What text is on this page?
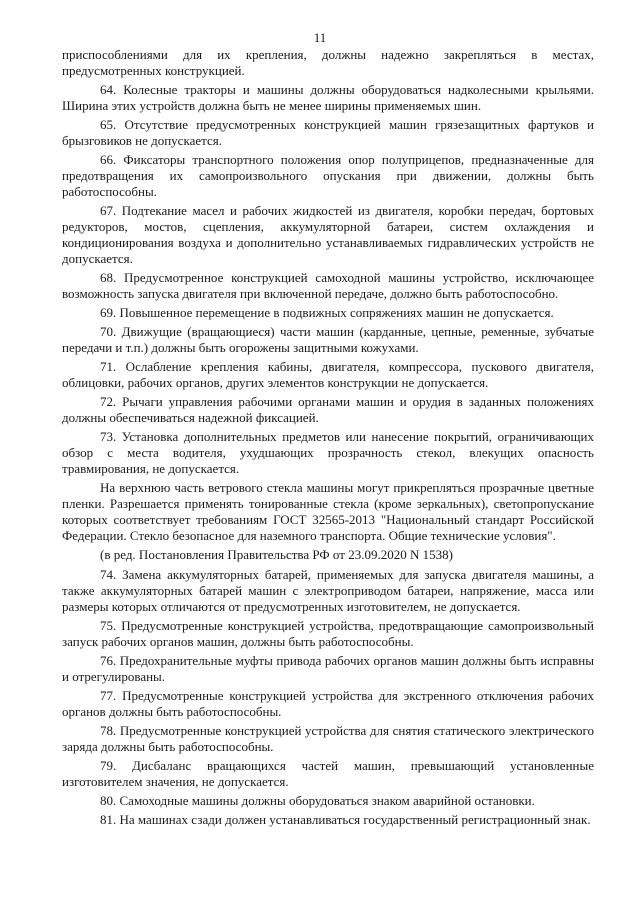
11

приспособлениями для их крепления, должны надежно закрепляться в местах, предусмотренных конструкцией.

64. Колесные тракторы и машины должны оборудоваться надколесными крыльями. Ширина этих устройств должна быть не менее ширины применяемых шин.

65. Отсутствие предусмотренных конструкцией машин грязезащитных фартуков и брызговиков не допускается.

66. Фиксаторы транспортного положения опор полуприцепов, предназначенные для предотвращения их самопроизвольного опускания при движении, должны быть работоспособны.

67. Подтекание масел и рабочих жидкостей из двигателя, коробки передач, бортовых редукторов, мостов, сцепления, аккумуляторной батареи, систем охлаждения и кондиционирования воздуха и дополнительно устанавливаемых гидравлических устройств не допускается.

68. Предусмотренное конструкцией самоходной машины устройство, исключающее возможность запуска двигателя при включенной передаче, должно быть работоспособно.

69. Повышенное перемещение в подвижных сопряжениях машин не допускается.

70. Движущие (вращающиеся) части машин (карданные, цепные, ременные, зубчатые передачи и т.п.) должны быть огорожены защитными кожухами.

71. Ослабление крепления кабины, двигателя, компрессора, пускового двигателя, облицовки, рабочих органов, других элементов конструкции не допускается.

72. Рычаги управления рабочими органами машин и орудия в заданных положениях должны обеспечиваться надежной фиксацией.

73. Установка дополнительных предметов или нанесение покрытий, ограничивающих обзор с места водителя, ухудшающих прозрачность стекол, влекущих опасность травмирования, не допускается.

На верхнюю часть ветрового стекла машины могут прикрепляться прозрачные цветные пленки. Разрешается применять тонированные стекла (кроме зеркальных), светопропускание которых соответствует требованиям ГОСТ 32565-2013 "Национальный стандарт Российской Федерации. Стекло безопасное для наземного транспорта. Общие технические условия".

(в ред. Постановления Правительства РФ от 23.09.2020 N 1538)

74. Замена аккумуляторных батарей, применяемых для запуска двигателя машины, а также аккумуляторных батарей машин с электроприводом батареи, напряжение, масса или размеры которых отличаются от предусмотренных изготовителем, не допускается.

75. Предусмотренные конструкцией устройства, предотвращающие самопроизвольный запуск рабочих органов машин, должны быть работоспособны.

76. Предохранительные муфты привода рабочих органов машин должны быть исправны и отрегулированы.

77. Предусмотренные конструкцией устройства для экстренного отключения рабочих органов должны быть работоспособны.

78. Предусмотренные конструкцией устройства для снятия статического электрического заряда должны быть работоспособны.

79. Дисбаланс вращающихся частей машин, превышающий установленные изготовителем значения, не допускается.

80. Самоходные машины должны оборудоваться знаком аварийной остановки.

81. На машинах сзади должен устанавливаться государственный регистрационный знак.
